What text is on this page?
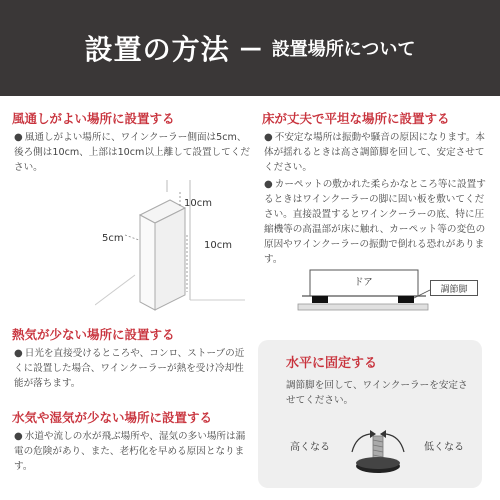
設置の方法 — 設置場所について
風通しがよい場所に設置する
● 風通しがよい場所に、ワインクーラー側面は5cm、後ろ側は10cm、上部は10cm以上離して設置してください。
10cm
5cm
10cm
床が丈夫で平坦な場所に設置する
● 不安定な場所は振動や騒音の原因になります。本体が揺れるときは高さ調節脚を回して、安定させてください。
● カーペットの敷かれた柔らかなところ等に設置するときはワインクーラーの脚に固い板を敷いてください。直接設置するとワインクーラーの底、特に圧縮機等の高温部が床に触れ、カーペット等の変色の原因やワインクーラーの振動で倒れる恐れがあります。
ドア
調節脚
熱気が少ない場所に設置する
● 日光を直接受けるところや、コンロ、ストーブの近くに設置した場合、ワインクーラーが熱を受け冷却性能が落ちます。
水気や湿気が少ない場所に設置する
● 水道や流しの水が飛ぶ場所や、湿気の多い場所は漏電の危険があり、また、老朽化を早める原因となります。
水平に固定する
調節脚を回して、ワインクーラーを安定させてください。
高くなる	低くなる
